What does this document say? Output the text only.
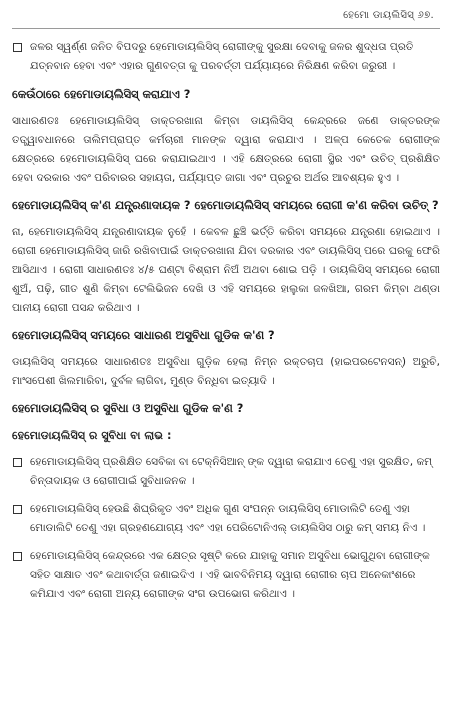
ହେମୋ ଡାୟଲିସିସ୍ ୬୭.
ଜଳର ସ୍ୱର୍ଣ୍ଣ ଜନିତ ବିପଦରୁ ହେମୋଡାୟଲିସିସ୍ ରୋଗୀଙ୍କୁ ସୁରକ୍ଷା ଦେବାକୁ ଜଳର ଶୁଦ୍ଧତା ପ୍ରତି ଯତ୍ନବାନ ହେବା ଏବଂ ଏହାର ଗୁଣବତ୍ତା କୁ ପରବର୍ତ୍ତୀ ପର୍ଯ୍ୟାୟରେ ନିରିକ୍ଷଣ କରିବା ଜରୁରୀ ।
କେଉଁଠାରେ ହେମୋଡାୟଲିସିସ୍ କରାଯାଏ ?
ସାଧାରଣତଃ ହେମୋଡାୟଲିସିସ୍ ଡାକ୍ତରଖାନା କିମ୍ବା ଡାୟଲିସିସ୍ କେନ୍ଦ୍ରରେ ଜଣେ ଡାକ୍ତରଙ୍କ ତତ୍ତ୍ୱାବଧାନରେ ତାଲିମପ୍ରାପ୍ତ କର୍ମଚାରୀ ମାନଙ୍କ ଦ୍ୱାରା କରାଯାଏ । ଅଳ୍ପ କେତେକ ରୋଗୀଙ୍କ କ୍ଷେତ୍ରରେ ହେମୋଡାୟଲିସିସ୍ ଘରେ କରାଯାଇଥାଏ । ଏହି କ୍ଷେତ୍ରରେ ରୋଗୀ ସ୍ଥିର ଏବଂ ଉଚିତ୍ ପ୍ରଶିକ୍ଷିତ ହେବା ଦରକାର ଏବଂ ପରିବାରର ସହାୟତା, ପର୍ଯ୍ୟାପ୍ତ ଜାଗା ଏବଂ ପ୍ରଚୁର ଅର୍ଥର ଆବଶ୍ୟକ ହୁଏ ।
ହେମୋଡାୟଲିସିସ୍ କ'ଣ ଯନ୍ତ୍ରଣାଦାୟକ ? ହେମୋଡାୟଲିସିସ୍ ସମୟରେ ରୋଗୀ କ'ଣ କରିବା ଉଚିତ୍ ?
ନା, ହେମୋଡାୟଲିସିସ୍ ଯନ୍ତ୍ରଣାଦାୟକ ନୁହେଁ । କେବଳ ଛୁଞ୍ଚି ଭର୍ତ୍ତି କରିବା ସମୟରେ ଯନ୍ତ୍ରଣା ହୋଇଥାଏ । ରୋଗୀ ହେମୋଡାୟଲିସିସ୍ ଜାରି ରଖିବାପାଇଁ ଡାକ୍ତରଖାନା ଯିବା ଦରକାର ଏବଂ ଡାୟଲିସିସ୍ ପରେ ଘରକୁ ଫେରି ଆସିଥାଏ । ରୋଗୀ ସାଧାରଣତଃ ୪/୫ ଘଣ୍ଟା ବିଶ୍ରାମ ନିଅଁ ଅଥବା ଶୋଇ ପଡ଼ି । ଡାୟଲିସିସ୍ ସମୟରେ ରୋଗୀ ଶୁଅଁ, ପଢ଼ି, ଗୀତ ଶୁଣି କିମ୍ବା ଟେଲିଭିଜନ ଦେଖି ଓ ଏହି ସମୟରେ ହାଲୁକା ଜଳଖିଆ, ଗରମ କିମ୍ବା ଥଣ୍ଡା ପାନୀୟ ରୋଗୀ ପସନ୍ଦ କରିଥାଏ ।
ହେମୋଡାୟଲିସିସ୍ ସମୟରେ ସାଧାରଣ ଅସୁବିଧା ଗୁଡିକ କ'ଣ ?
ଡାୟଲିସିସ୍ ସମୟରେ ସାଧାରଣତଃ ଅସୁବିଧା ଗୁଡ଼ିକ ହେଲା ନିମ୍ନ ରକ୍ତଚାପ (ହାଇପରଟେନସନ୍) ଅରୁଚି, ମାଂସପେଶୀ ଖିଲମାରିବା, ଦୁର୍ବଳ ଲାଗିବା, ମୁଣ୍ଡ ବିନ୍ଧିବା ଇତ୍ୟାଦି ।
ହେମୋଡାୟଲିସିସ୍ ର ସୁବିଧା ଓ ଅସୁବିଧା ଗୁଡିକ କ'ଣ ?
ହେମୋଡାୟଲିସିସ୍ ର ସୁବିଧା ବା ଲାଭ :
ହେମୋଡାୟଲିସିସ୍ ପ୍ରଶିକ୍ଷିତ ସେବିକା ବା ଟେକ୍ନିସିଆନ୍ ଙ୍କ ଦ୍ୱାରା କରାଯାଏ ତେଣୁ ଏହା ସୁରକ୍ଷିତ, କମ୍ ଚିନ୍ତାଦାୟକ ଓ ରୋଗୀପାଇଁ ସୁବିଧାଜନକ ।
ହେମୋଡାୟଲିସିସ୍ ହେଉଛି ଶିଘ୍ରିକୃତ ଏବଂ ଅଧିକ ଗୁଣ ସଂପନ୍ନ ଡାୟଲିସିସ୍ ମୋଡାଲିଟି ତେଣୁ ଏହା ମୋଡାଲିଟି ତେଣୁ ଏହା ଗ୍ରହଣଯୋଗ୍ୟ ଏବଂ ଏହା ପେରିଟୋନିଏଲ୍ ଡାୟଲିସିସ ଠାରୁ କମ୍ ସମୟ ନିଏ ।
ହେମୋଡାୟଲିସିସ୍ କେନ୍ଦ୍ରରେ ଏକ କ୍ଷେତ୍ର ସୃଷ୍ଟି କରେ ଯାହାକୁ ସମାନ ଅସୁବିଧା ଭୋଗୁଥିବା ରୋଗୀଙ୍କ ସହିତ ସାକ୍ଷାତ ଏବଂ କଥାବାର୍ତ୍ତା ଜଣାଇଦିଏ । ଏହି ଭାବବିନିମୟ ଦ୍ୱାରା ରୋଗୀର ଚାପ ଅନେକାଂଶରେ କମିଯାଏ ଏବଂ ରୋଗୀ ଅନ୍ୟ ରୋଗୀଙ୍କ ସଂଗ ଉପଭୋଗ କରିଥାଏ ।
